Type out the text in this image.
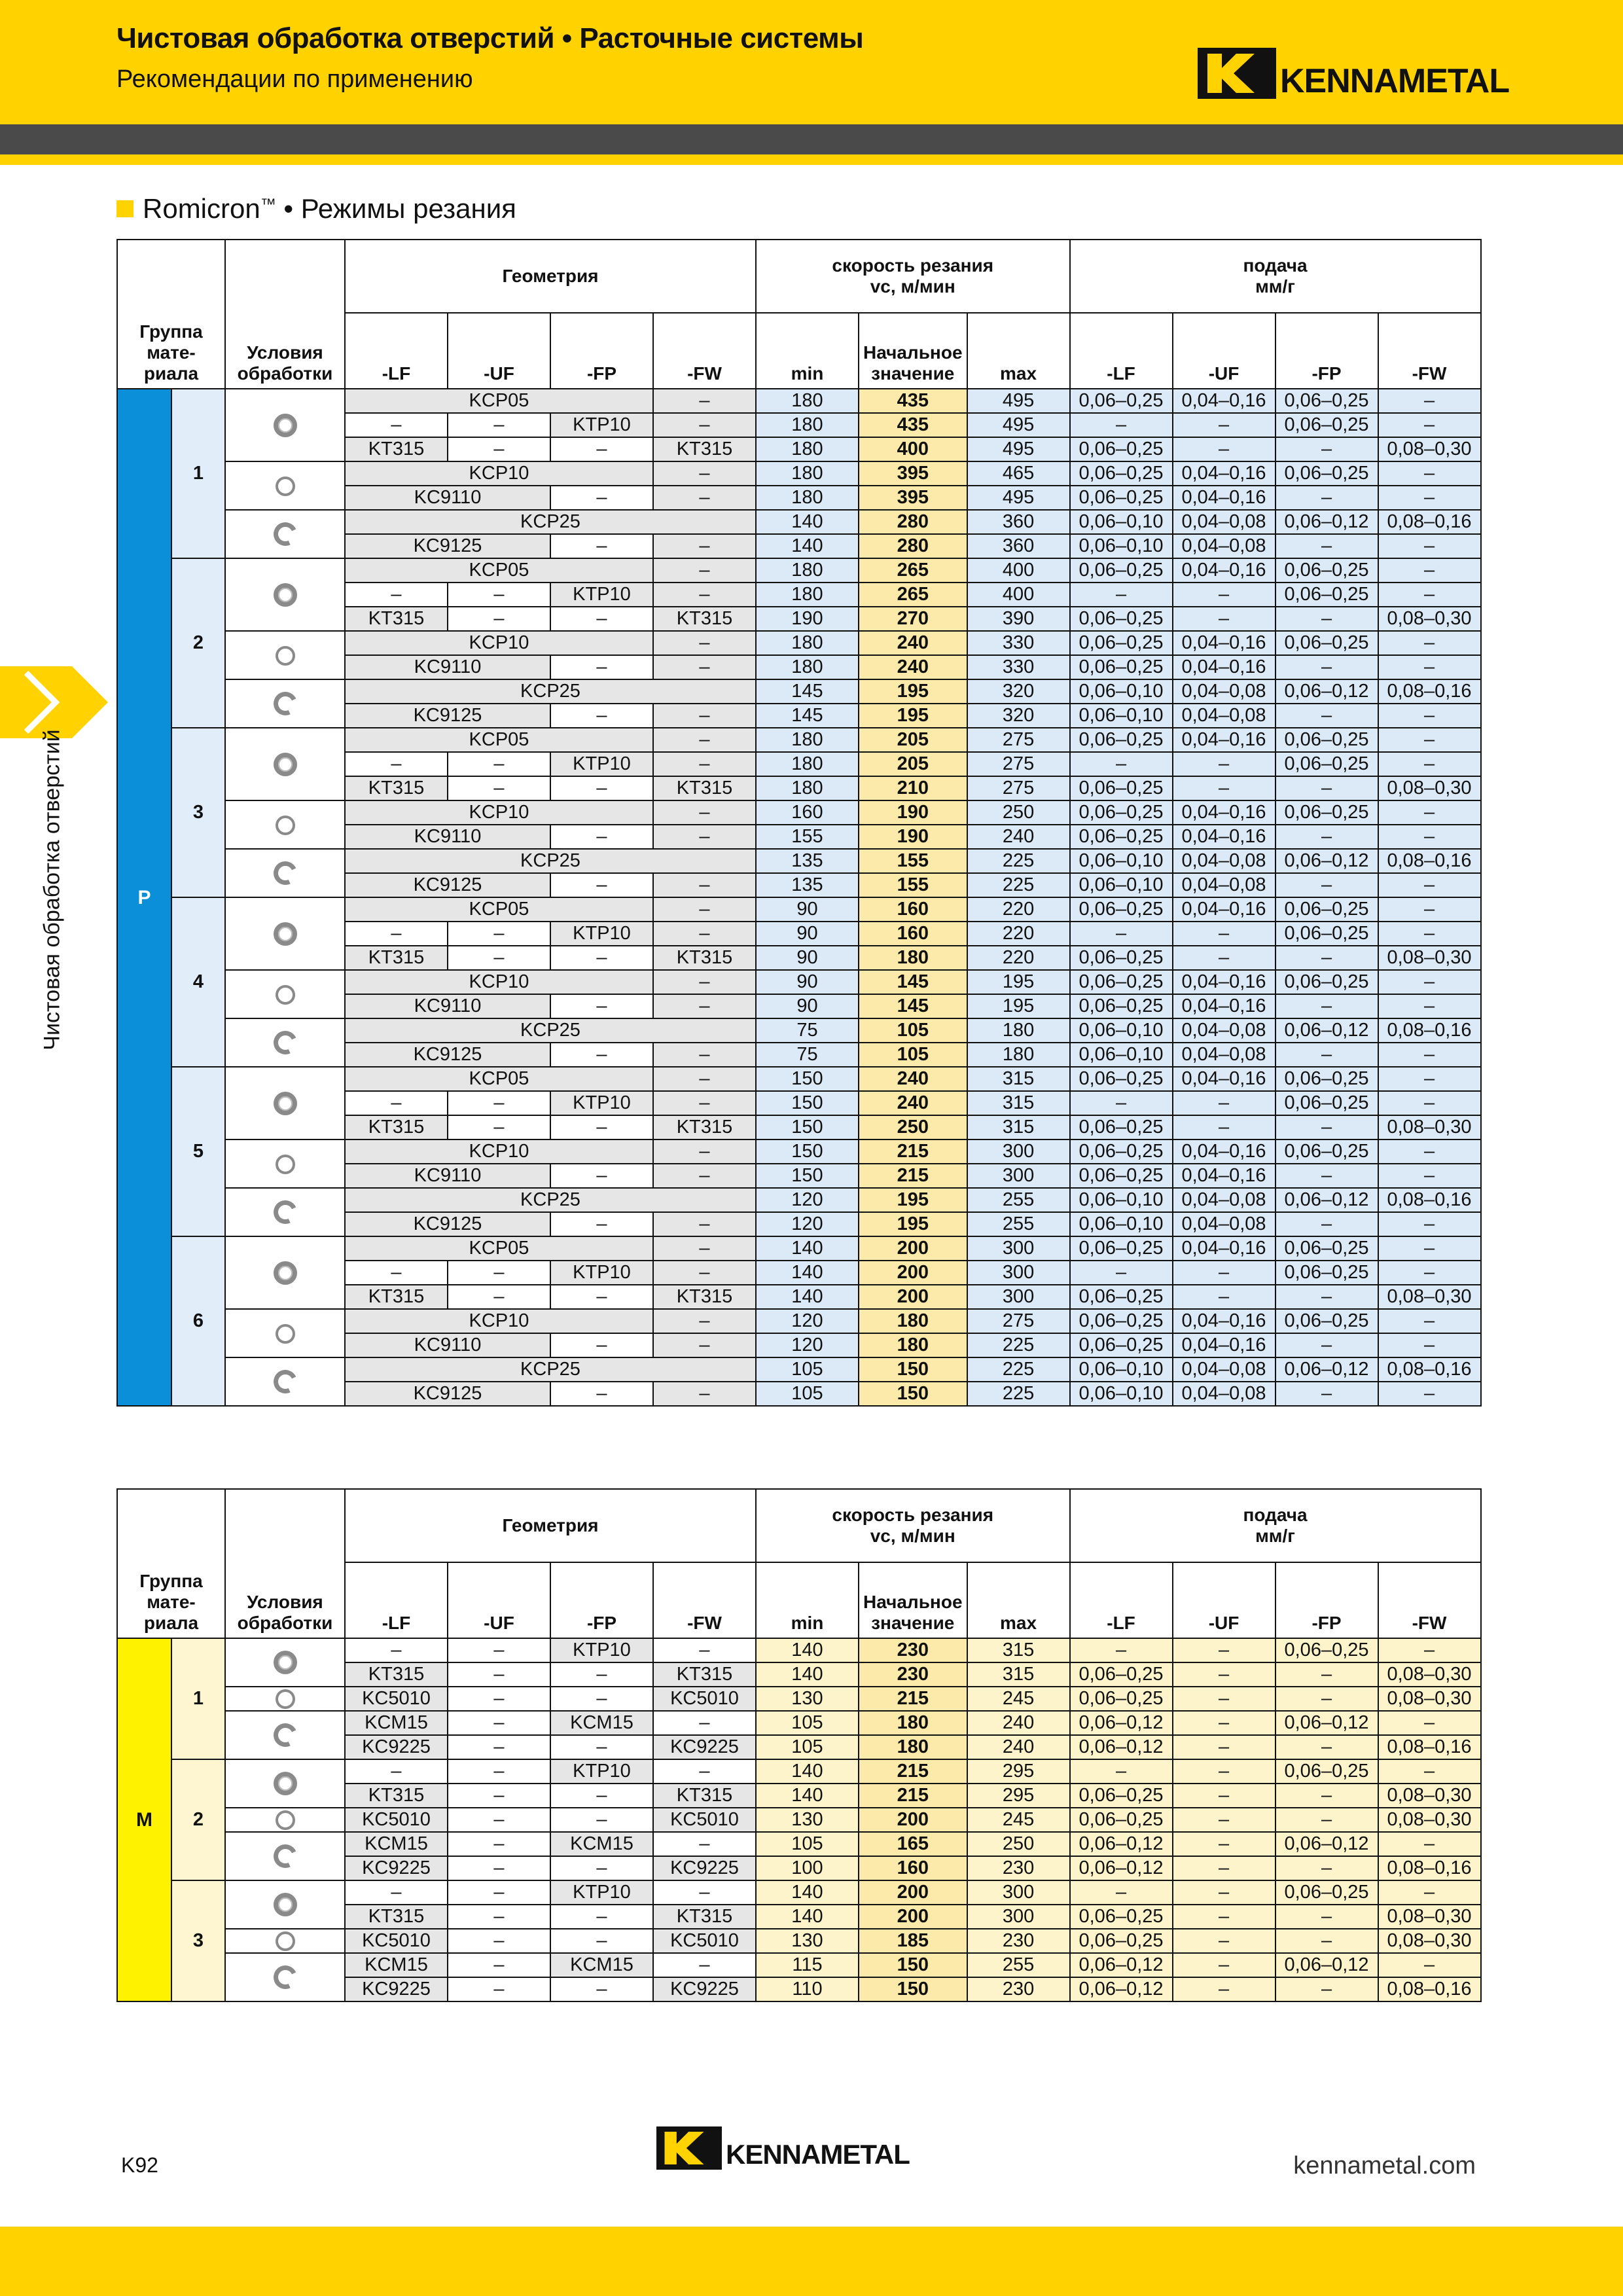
Чистовая обработка отверстий • Расточные системы
Рекомендации по применению	KENNAMETAL
Romicron™ • Режимы резания
Чистовая обработка отверстий
Группа
мате-
риала		Условия
обработки	Геометрия				скорость резания
vc, м/мин			подача
мм/г			
			-LF	-UF	-FP	-FW	min	Начальное значение	max	-LF	-UF	-FP	-FW
P	1		KCP05			–	180	435	495	0,06–0,25	0,04–0,16	0,06–0,25	–
			–	–	KTP10	–	180	435	495	–	–	0,06–0,25	–
			KT315	–	–	KT315	180	400	495	0,06–0,25	–	–	0,08–0,30
			KCP10			–	180	395	465	0,06–0,25	0,04–0,16	0,06–0,25	–
			KC9110		–	–	180	395	495	0,06–0,25	0,04–0,16	–	–
			KCP25				140	280	360	0,06–0,10	0,04–0,08	0,06–0,12	0,08–0,16
			KC9125		–	–	140	280	360	0,06–0,10	0,04–0,08	–	–
	2		KCP05			–	180	265	400	0,06–0,25	0,04–0,16	0,06–0,25	–
			–	–	KTP10	–	180	265	400	–	–	0,06–0,25	–
			KT315	–	–	KT315	190	270	390	0,06–0,25	–	–	0,08–0,30
			KCP10			–	180	240	330	0,06–0,25	0,04–0,16	0,06–0,25	–
			KC9110		–	–	180	240	330	0,06–0,25	0,04–0,16	–	–
			KCP25				145	195	320	0,06–0,10	0,04–0,08	0,06–0,12	0,08–0,16
			KC9125		–	–	145	195	320	0,06–0,10	0,04–0,08	–	–
	3		KCP05			–	180	205	275	0,06–0,25	0,04–0,16	0,06–0,25	–
			–	–	KTP10	–	180	205	275	–	–	0,06–0,25	–
			KT315	–	–	KT315	180	210	275	0,06–0,25	–	–	0,08–0,30
			KCP10			–	160	190	250	0,06–0,25	0,04–0,16	0,06–0,25	–
			KC9110		–	–	155	190	240	0,06–0,25	0,04–0,16	–	–
			KCP25				135	155	225	0,06–0,10	0,04–0,08	0,06–0,12	0,08–0,16
			KC9125		–	–	135	155	225	0,06–0,10	0,04–0,08	–	–
	4		KCP05			–	90	160	220	0,06–0,25	0,04–0,16	0,06–0,25	–
			–	–	KTP10	–	90	160	220	–	–	0,06–0,25	–
			KT315	–	–	KT315	90	180	220	0,06–0,25	–	–	0,08–0,30
			KCP10			–	90	145	195	0,06–0,25	0,04–0,16	0,06–0,25	–
			KC9110		–	–	90	145	195	0,06–0,25	0,04–0,16	–	–
			KCP25				75	105	180	0,06–0,10	0,04–0,08	0,06–0,12	0,08–0,16
			KC9125		–	–	75	105	180	0,06–0,10	0,04–0,08	–	–
	5		KCP05			–	150	240	315	0,06–0,25	0,04–0,16	0,06–0,25	–
			–	–	KTP10	–	150	240	315	–	–	0,06–0,25	–
			KT315	–	–	KT315	150	250	315	0,06–0,25	–	–	0,08–0,30
			KCP10			–	150	215	300	0,06–0,25	0,04–0,16	0,06–0,25	–
			KC9110		–	–	150	215	300	0,06–0,25	0,04–0,16	–	–
			KCP25				120	195	255	0,06–0,10	0,04–0,08	0,06–0,12	0,08–0,16
			KC9125		–	–	120	195	255	0,06–0,10	0,04–0,08	–	–
	6		KCP05			–	140	200	300	0,06–0,25	0,04–0,16	0,06–0,25	–
			–	–	KTP10	–	140	200	300	–	–	0,06–0,25	–
			KT315	–	–	KT315	140	200	300	0,06–0,25	–	–	0,08–0,30
			KCP10			–	120	180	275	0,06–0,25	0,04–0,16	0,06–0,25	–
			KC9110		–	–	120	180	225	0,06–0,25	0,04–0,16	–	–
			KCP25				105	150	225	0,06–0,10	0,04–0,08	0,06–0,12	0,08–0,16
			KC9125		–	–	105	150	225	0,06–0,10	0,04–0,08	–	–
Группа
мате-
риала		Условия
обработки	Геометрия				скорость резания
vc, м/мин			подача
мм/г			
			-LF	-UF	-FP	-FW	min	Начальное значение	max	-LF	-UF	-FP	-FW
M	1		–	–	KTP10	–	140	230	315	–	–	0,06–0,25	–
			KT315	–	–	KT315	140	230	315	0,06–0,25	–	–	0,08–0,30
			KC5010	–	–	KC5010	130	215	245	0,06–0,25	–	–	0,08–0,30
			KCM15	–	KCM15	–	105	180	240	0,06–0,12	–	0,06–0,12	–
			KC9225	–	–	KC9225	105	180	240	0,06–0,12	–	–	0,08–0,16
	2		–	–	KTP10	–	140	215	295	–	–	0,06–0,25	–
			KT315	–	–	KT315	140	215	295	0,06–0,25	–	–	0,08–0,30
			KC5010	–	–	KC5010	130	200	245	0,06–0,25	–	–	0,08–0,30
			KCM15	–	KCM15	–	105	165	250	0,06–0,12	–	0,06–0,12	–
			KC9225	–	–	KC9225	100	160	230	0,06–0,12	–	–	0,08–0,16
	3		–	–	KTP10	–	140	200	300	–	–	0,06–0,25	–
			KT315	–	–	KT315	140	200	300	0,06–0,25	–	–	0,08–0,30
			KC5010	–	–	KC5010	130	185	230	0,06–0,25	–	–	0,08–0,30
			KCM15	–	KCM15	–	115	150	255	0,06–0,12	–	0,06–0,12	–
			KC9225	–	–	KC9225	110	150	230	0,06–0,12	–	–	0,08–0,16
K92	KENNAMETAL	kennametal.com
